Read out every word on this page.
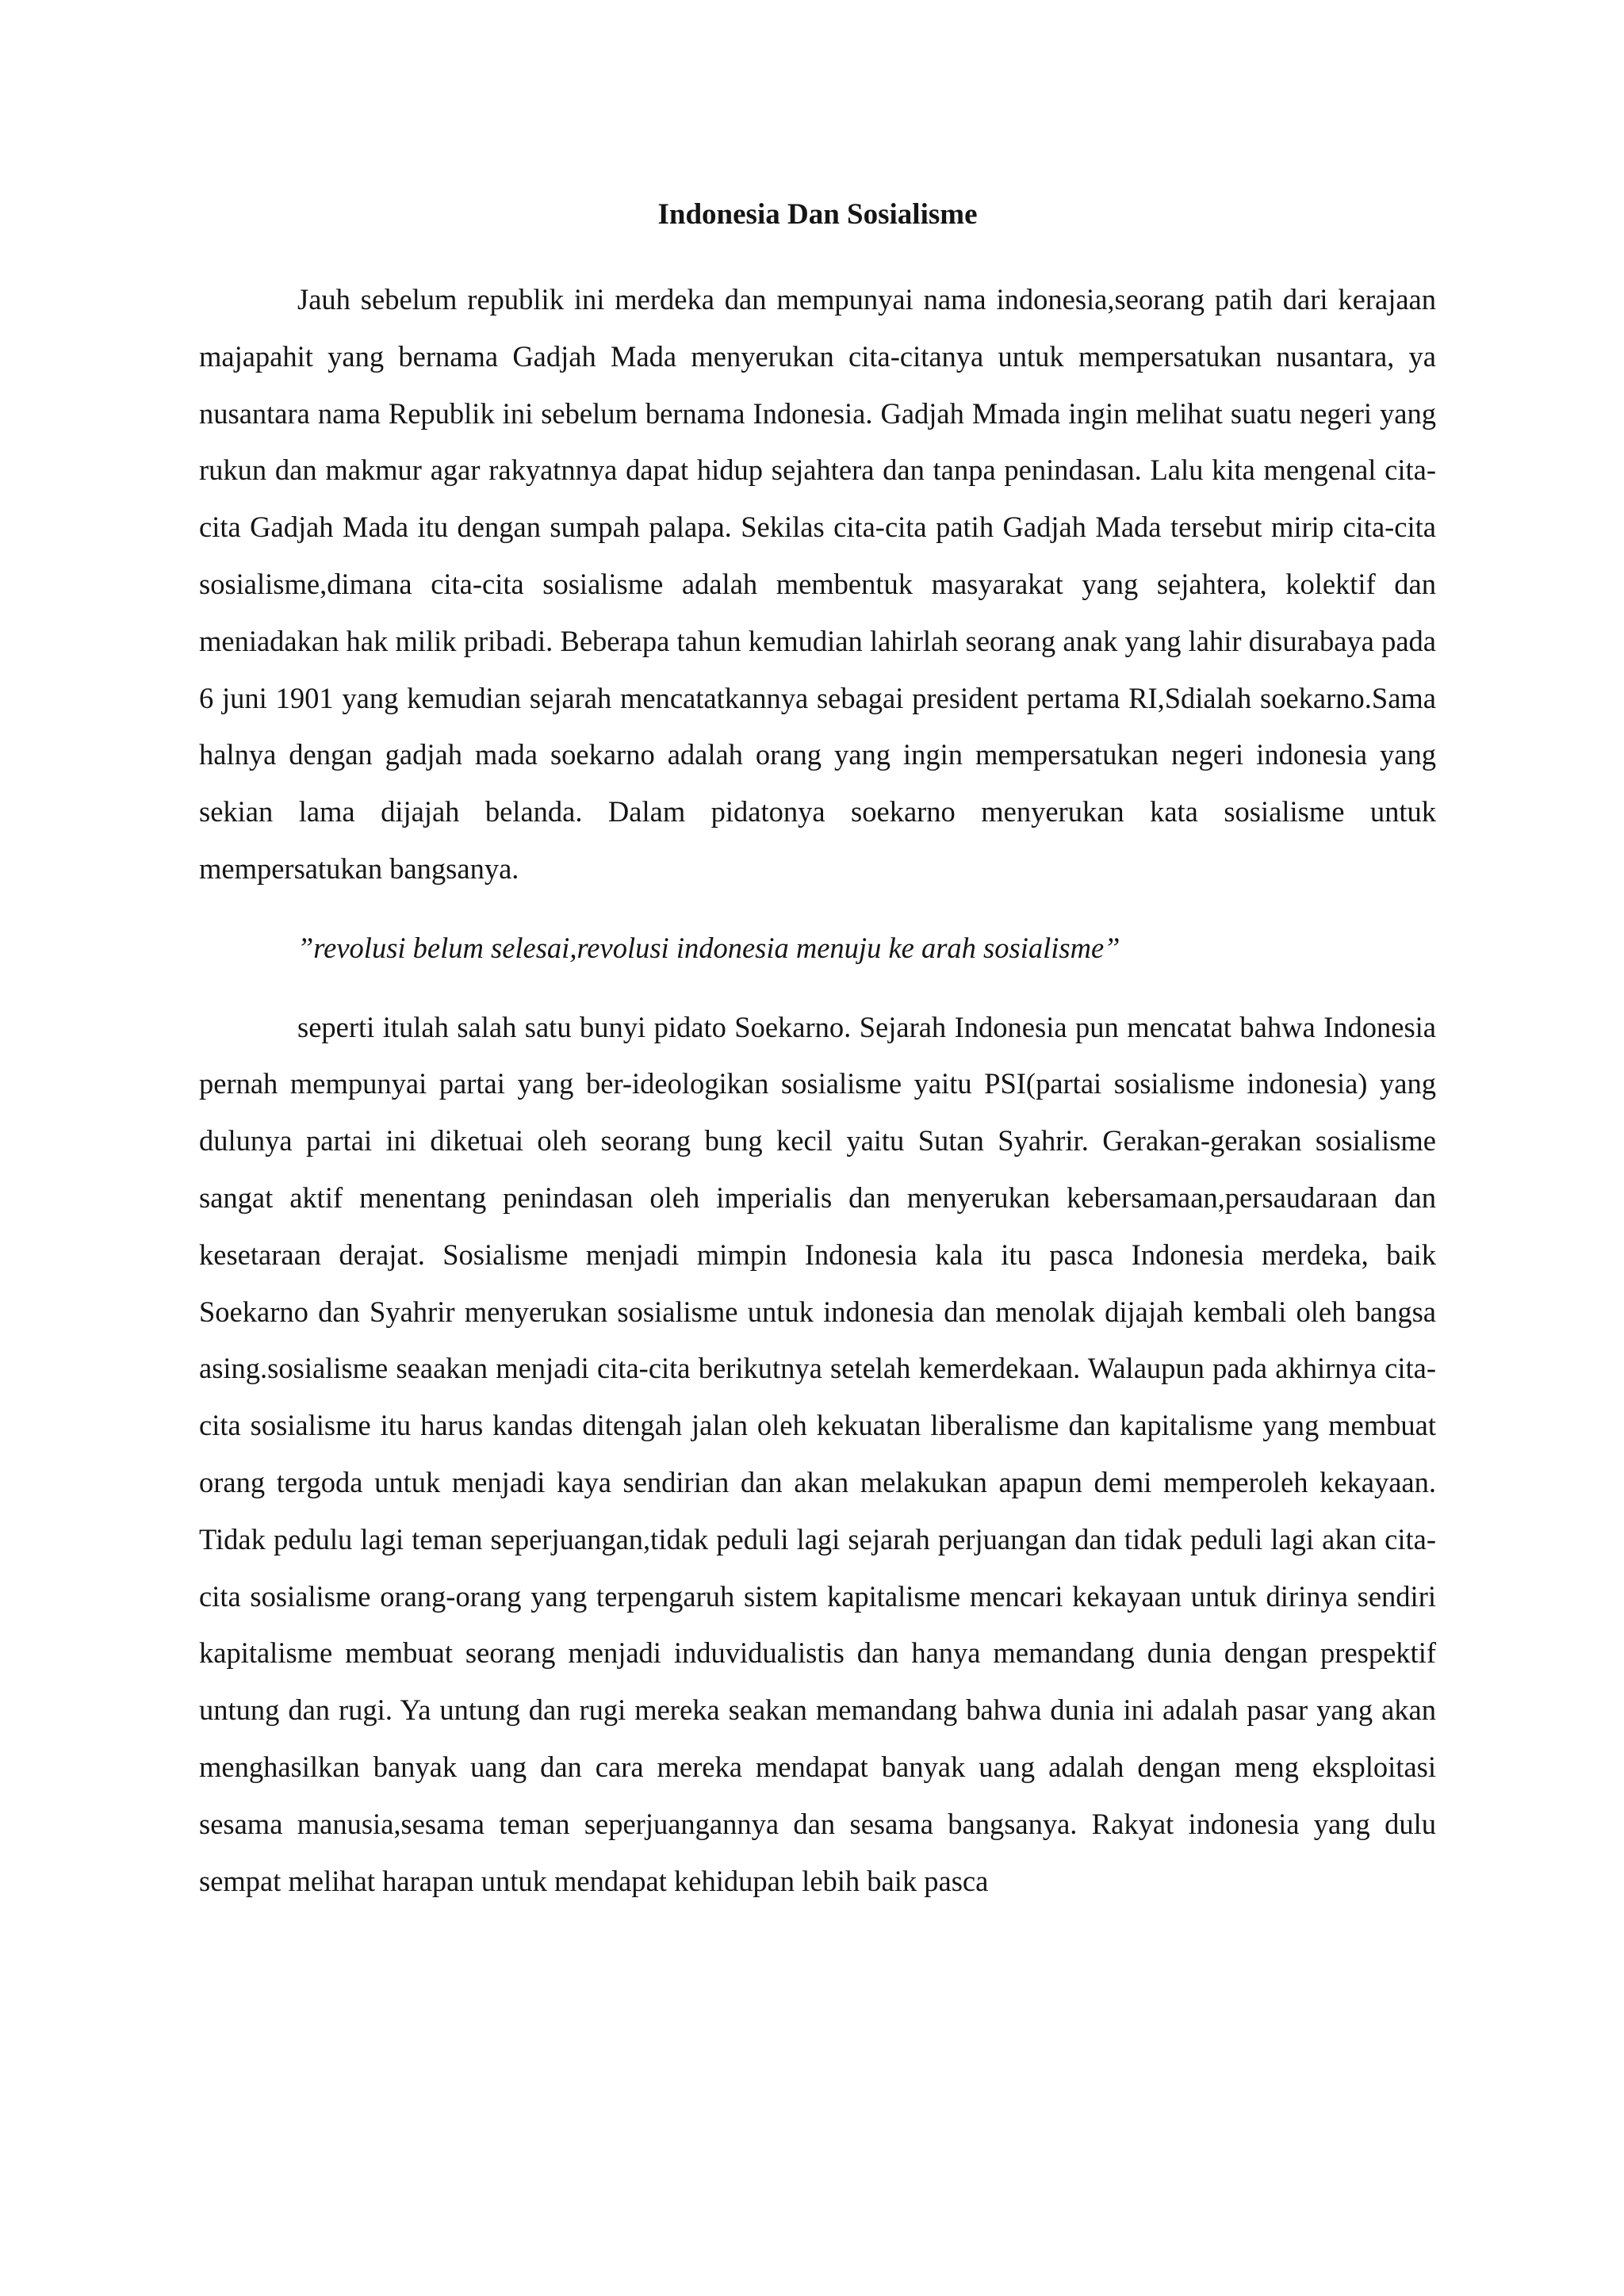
Indonesia Dan Sosialisme

Jauh sebelum republik ini merdeka dan mempunyai nama indonesia,seorang patih dari kerajaan majapahit yang bernama Gadjah Mada menyerukan cita-citanya untuk mempersatukan nusantara, ya nusantara nama Republik ini sebelum bernama Indonesia. Gadjah Mmada ingin melihat suatu negeri yang rukun dan makmur agar rakyatnnya dapat hidup sejahtera dan tanpa penindasan. Lalu kita mengenal cita-cita Gadjah Mada itu dengan sumpah palapa. Sekilas cita-cita patih Gadjah Mada tersebut mirip cita-cita sosialisme,dimana cita-cita sosialisme adalah membentuk masyarakat yang sejahtera, kolektif dan meniadakan hak milik pribadi. Beberapa tahun kemudian lahirlah seorang anak yang lahir disurabaya pada 6 juni 1901 yang kemudian sejarah mencatatkannya sebagai president pertama RI,Sdialah soekarno.Sama halnya dengan gadjah mada soekarno adalah orang yang ingin mempersatukan negeri indonesia yang sekian lama dijajah belanda. Dalam pidatonya soekarno menyerukan kata sosialisme untuk mempersatukan bangsanya.

”revolusi belum selesai,revolusi indonesia menuju ke arah sosialisme”

seperti itulah salah satu bunyi pidato Soekarno. Sejarah Indonesia pun mencatat bahwa Indonesia pernah mempunyai partai yang ber-ideologikan sosialisme yaitu PSI(partai sosialisme indonesia) yang dulunya partai ini diketuai oleh seorang bung kecil yaitu Sutan Syahrir. Gerakan-gerakan sosialisme sangat aktif menentang penindasan oleh imperialis dan menyerukan kebersamaan,persaudaraan dan kesetaraan derajat. Sosialisme menjadi mimpin Indonesia kala itu pasca Indonesia merdeka, baik Soekarno dan Syahrir menyerukan sosialisme untuk indonesia dan menolak dijajah kembali oleh bangsa asing.sosialisme seaakan menjadi cita-cita berikutnya setelah kemerdekaan. Walaupun pada akhirnya cita-cita sosialisme itu harus kandas ditengah jalan oleh kekuatan liberalisme dan kapitalisme yang membuat orang tergoda untuk menjadi kaya sendirian dan akan melakukan apapun demi memperoleh kekayaan. Tidak pedulu lagi teman seperjuangan,tidak peduli lagi sejarah perjuangan dan tidak peduli lagi akan cita-cita sosialisme orang-orang yang terpengaruh sistem kapitalisme mencari kekayaan untuk dirinya sendiri kapitalisme membuat seorang menjadi induvidualistis dan hanya memandang dunia dengan prespektif untung dan rugi. Ya untung dan rugi mereka seakan memandang bahwa dunia ini adalah pasar yang akan menghasilkan banyak uang dan cara mereka mendapat banyak uang adalah dengan meng eksploitasi sesama manusia,sesama teman seperjuangannya dan sesama bangsanya. Rakyat indonesia yang dulu sempat melihat harapan untuk mendapat kehidupan lebih baik pasca
